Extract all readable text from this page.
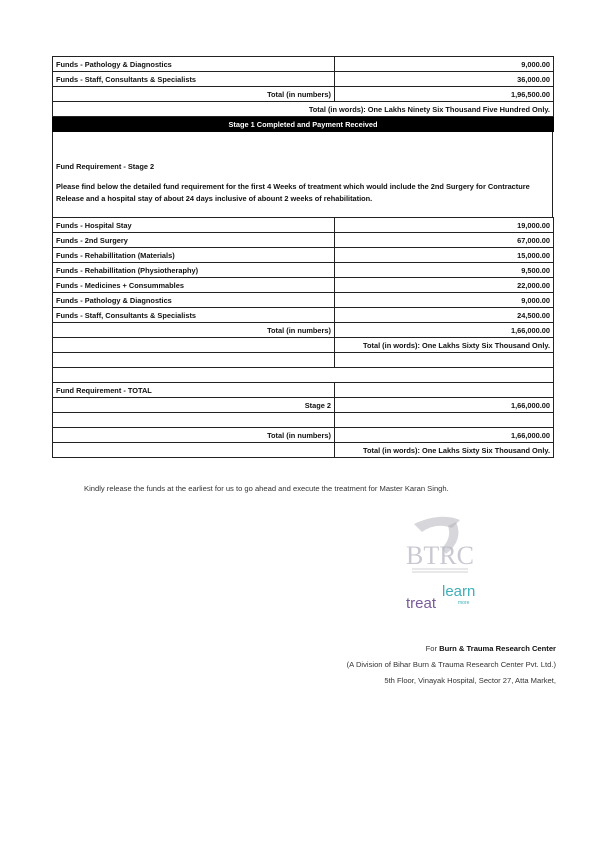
Funds - Pathology & Diagnostics	9,000.00
Funds - Staff, Consultants & Specialists	36,000.00
Total (in numbers)	1,96,500.00
Total (in words): One Lakhs Ninety Six Thousand Five Hundred Only.	
Stage 1 Completed and Payment Received	
Fund Requirement - Stage 2
Please find below the detailed fund requirement for the first 4 Weeks of treatment which would include the 2nd Surgery for Contracture Release and a hospital stay of about 24 days inclusive of abount 2 weeks of rehabilitation.
Funds - Hospital Stay	19,000.00
Funds - 2nd Surgery	67,000.00
Funds - Rehabillitation (Materials)	15,000.00
Funds - Rehabillitation (Physiotheraphy)	9,500.00
Funds - Medicines + Consummables	22,000.00
Funds - Pathology & Diagnostics	9,000.00
Funds - Staff, Consultants & Specialists	24,500.00
Total (in numbers)	1,66,000.00
	Total (in words): One Lakhs Sixty Six Thousand Only.

Fund Requirement - TOTAL	
Stage 2	1,66,000.00

Total (in numbers)	1,66,000.00
	Total (in words): One Lakhs Sixty Six Thousand Only.
Kindly release the funds at the earliest for us to go ahead and execute the treatment for Master Karan Singh.
BTRC
learn
more
treat
For Burn & Trauma Research Center
(A Division of Bihar Burn & Trauma Research Center Pvt. Ltd.)
5th Floor, Vinayak Hospital, Sector 27, Atta Market,
